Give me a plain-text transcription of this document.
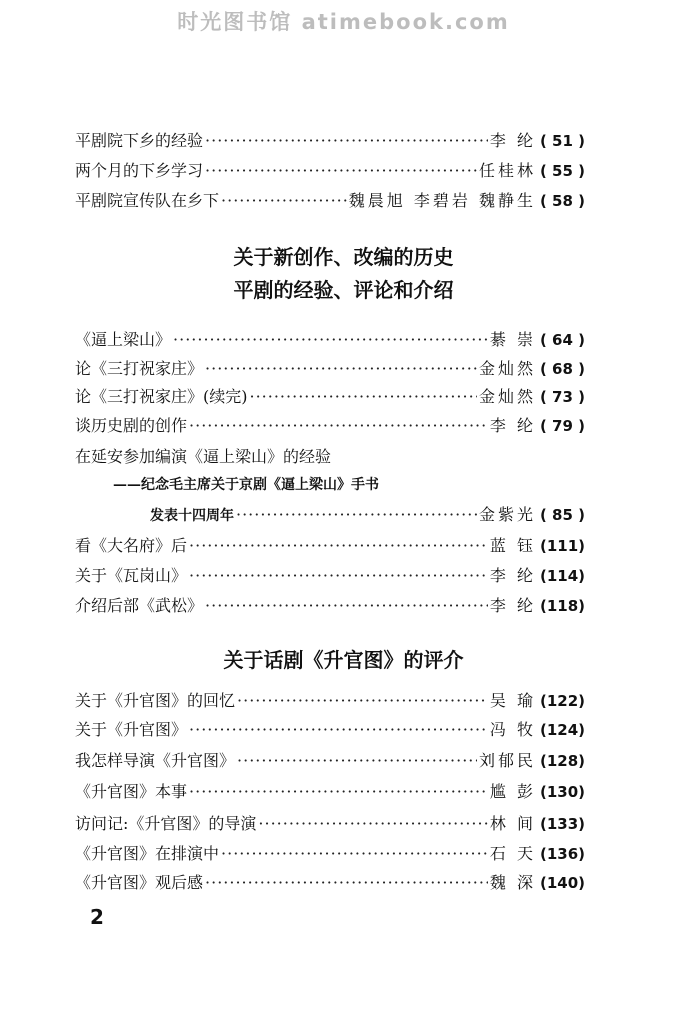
时光图书馆 atimebook.com
平剧院下乡的经验 ·····	李 纶 ( 51 )
两个月的下乡学习 ·····	任桂林 ( 55 )
平剧院宣传队在乡下 ·····	魏晨旭 李碧岩 魏静生 ( 58 )
关于新创作、改编的历史
平剧的经验、评论和介绍
《逼上梁山》 ·····	綦 崇 ( 64 )
论《三打祝家庄》 ·····	金灿然 ( 68 )
论《三打祝家庄》(续完) ·····	金灿然 ( 73 )
谈历史剧的创作 ·····	李 纶 ( 79 )
在延安参加编演《逼上梁山》的经验
——纪念毛主席关于京剧《逼上梁山》手书
发表十四周年 ·····	金紫光 ( 85 )
看《大名府》后 ·····	蓝 钰 (111)
关于《瓦岗山》 ·····	李 纶 (114)
介绍后部《武松》 ·····	李 纶 (118)
关于话剧《升官图》的评介
关于《升官图》的回忆 ·····	吴 瑜 (122)
关于《升官图》 ·····	冯 牧 (124)
我怎样导演《升官图》 ·····	刘郁民 (128)
《升官图》本事 ·····	尴 彭 (130)
访问记:《升官图》的导演 ·····	林 间 (133)
《升官图》在排演中 ·····	石 天 (136)
《升官图》观后感 ·····	魏 深 (140)
2
